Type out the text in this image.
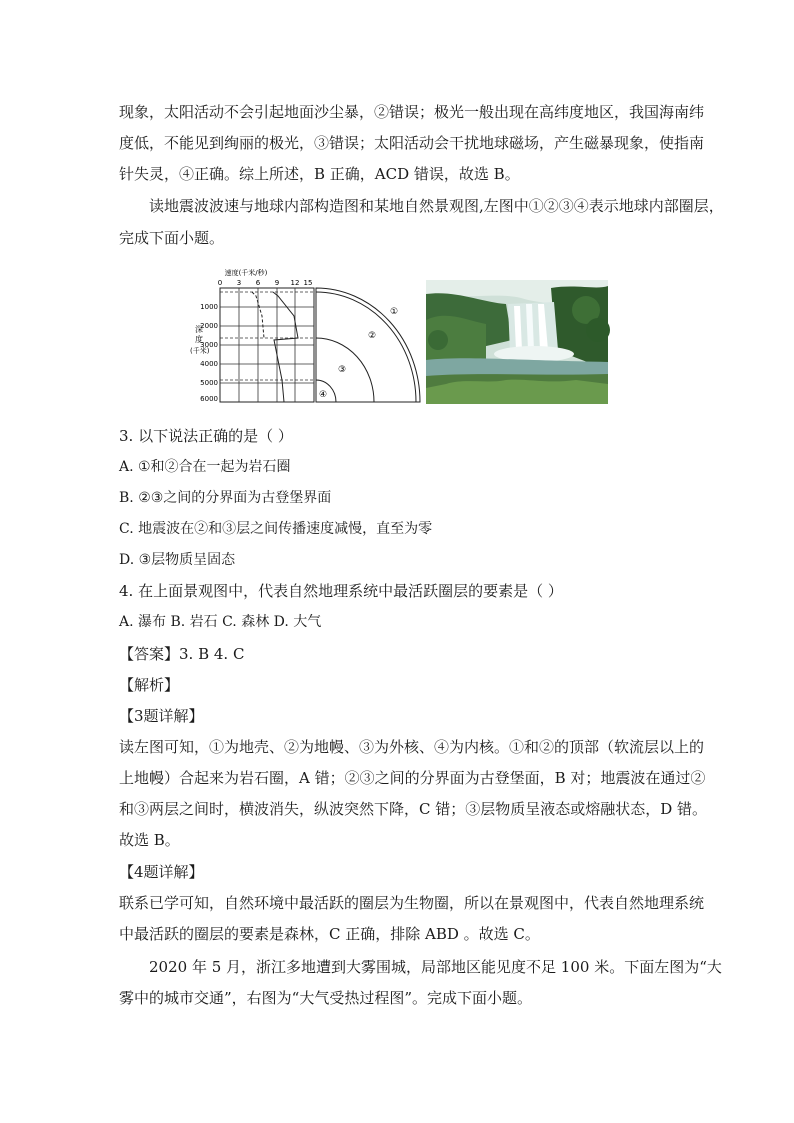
现象，太阳活动不会引起地面沙尘暴，②错误；极光一般出现在高纬度地区，我国海南纬
度低，不能见到绚丽的极光，③错误；太阳活动会干扰地球磁场，产生磁暴现象，使指南
针失灵，④正确。综上所述，B 正确，ACD 错误，故选 B。
读地震波波速与地球内部构造图和某地自然景观图,左图中①②③④表示地球内部圈层，
完成下面小题。
0 3 6 9 12 15
速度(千米/秒)
1000
2000
3000
4000
5000
6000
深
度
(千米)
①
②
③
④
3. 以下说法正确的是（ ）
A. ①和②合在一起为岩石圈
B. ②③之间的分界面为古登堡界面
C. 地震波在②和③层之间传播速度减慢，直至为零
D. ③层物质呈固态
4. 在上面景观图中，代表自然地理系统中最活跃圈层的要素是（ ）
A. 瀑布 B. 岩石 C. 森林 D. 大气
【答案】3. B 4. C
【解析】
【3题详解】
读左图可知，①为地壳、②为地幔、③为外核、④为内核。①和②的顶部（软流层以上的
上地幔）合起来为岩石圈，A 错；②③之间的分界面为古登堡面，B 对；地震波在通过②
和③两层之间时，横波消失，纵波突然下降，C 错；③层物质呈液态或熔融状态，D 错。
故选 B。
【4题详解】
联系已学可知，自然环境中最活跃的圈层为生物圈，所以在景观图中，代表自然地理系统
中最活跃的圈层的要素是森林，C 正确，排除 ABD 。故选 C。
2020 年 5 月，浙江多地遭到大雾围城，局部地区能见度不足 100 米。下面左图为“大
雾中的城市交通”，右图为“大气受热过程图”。完成下面小题。
